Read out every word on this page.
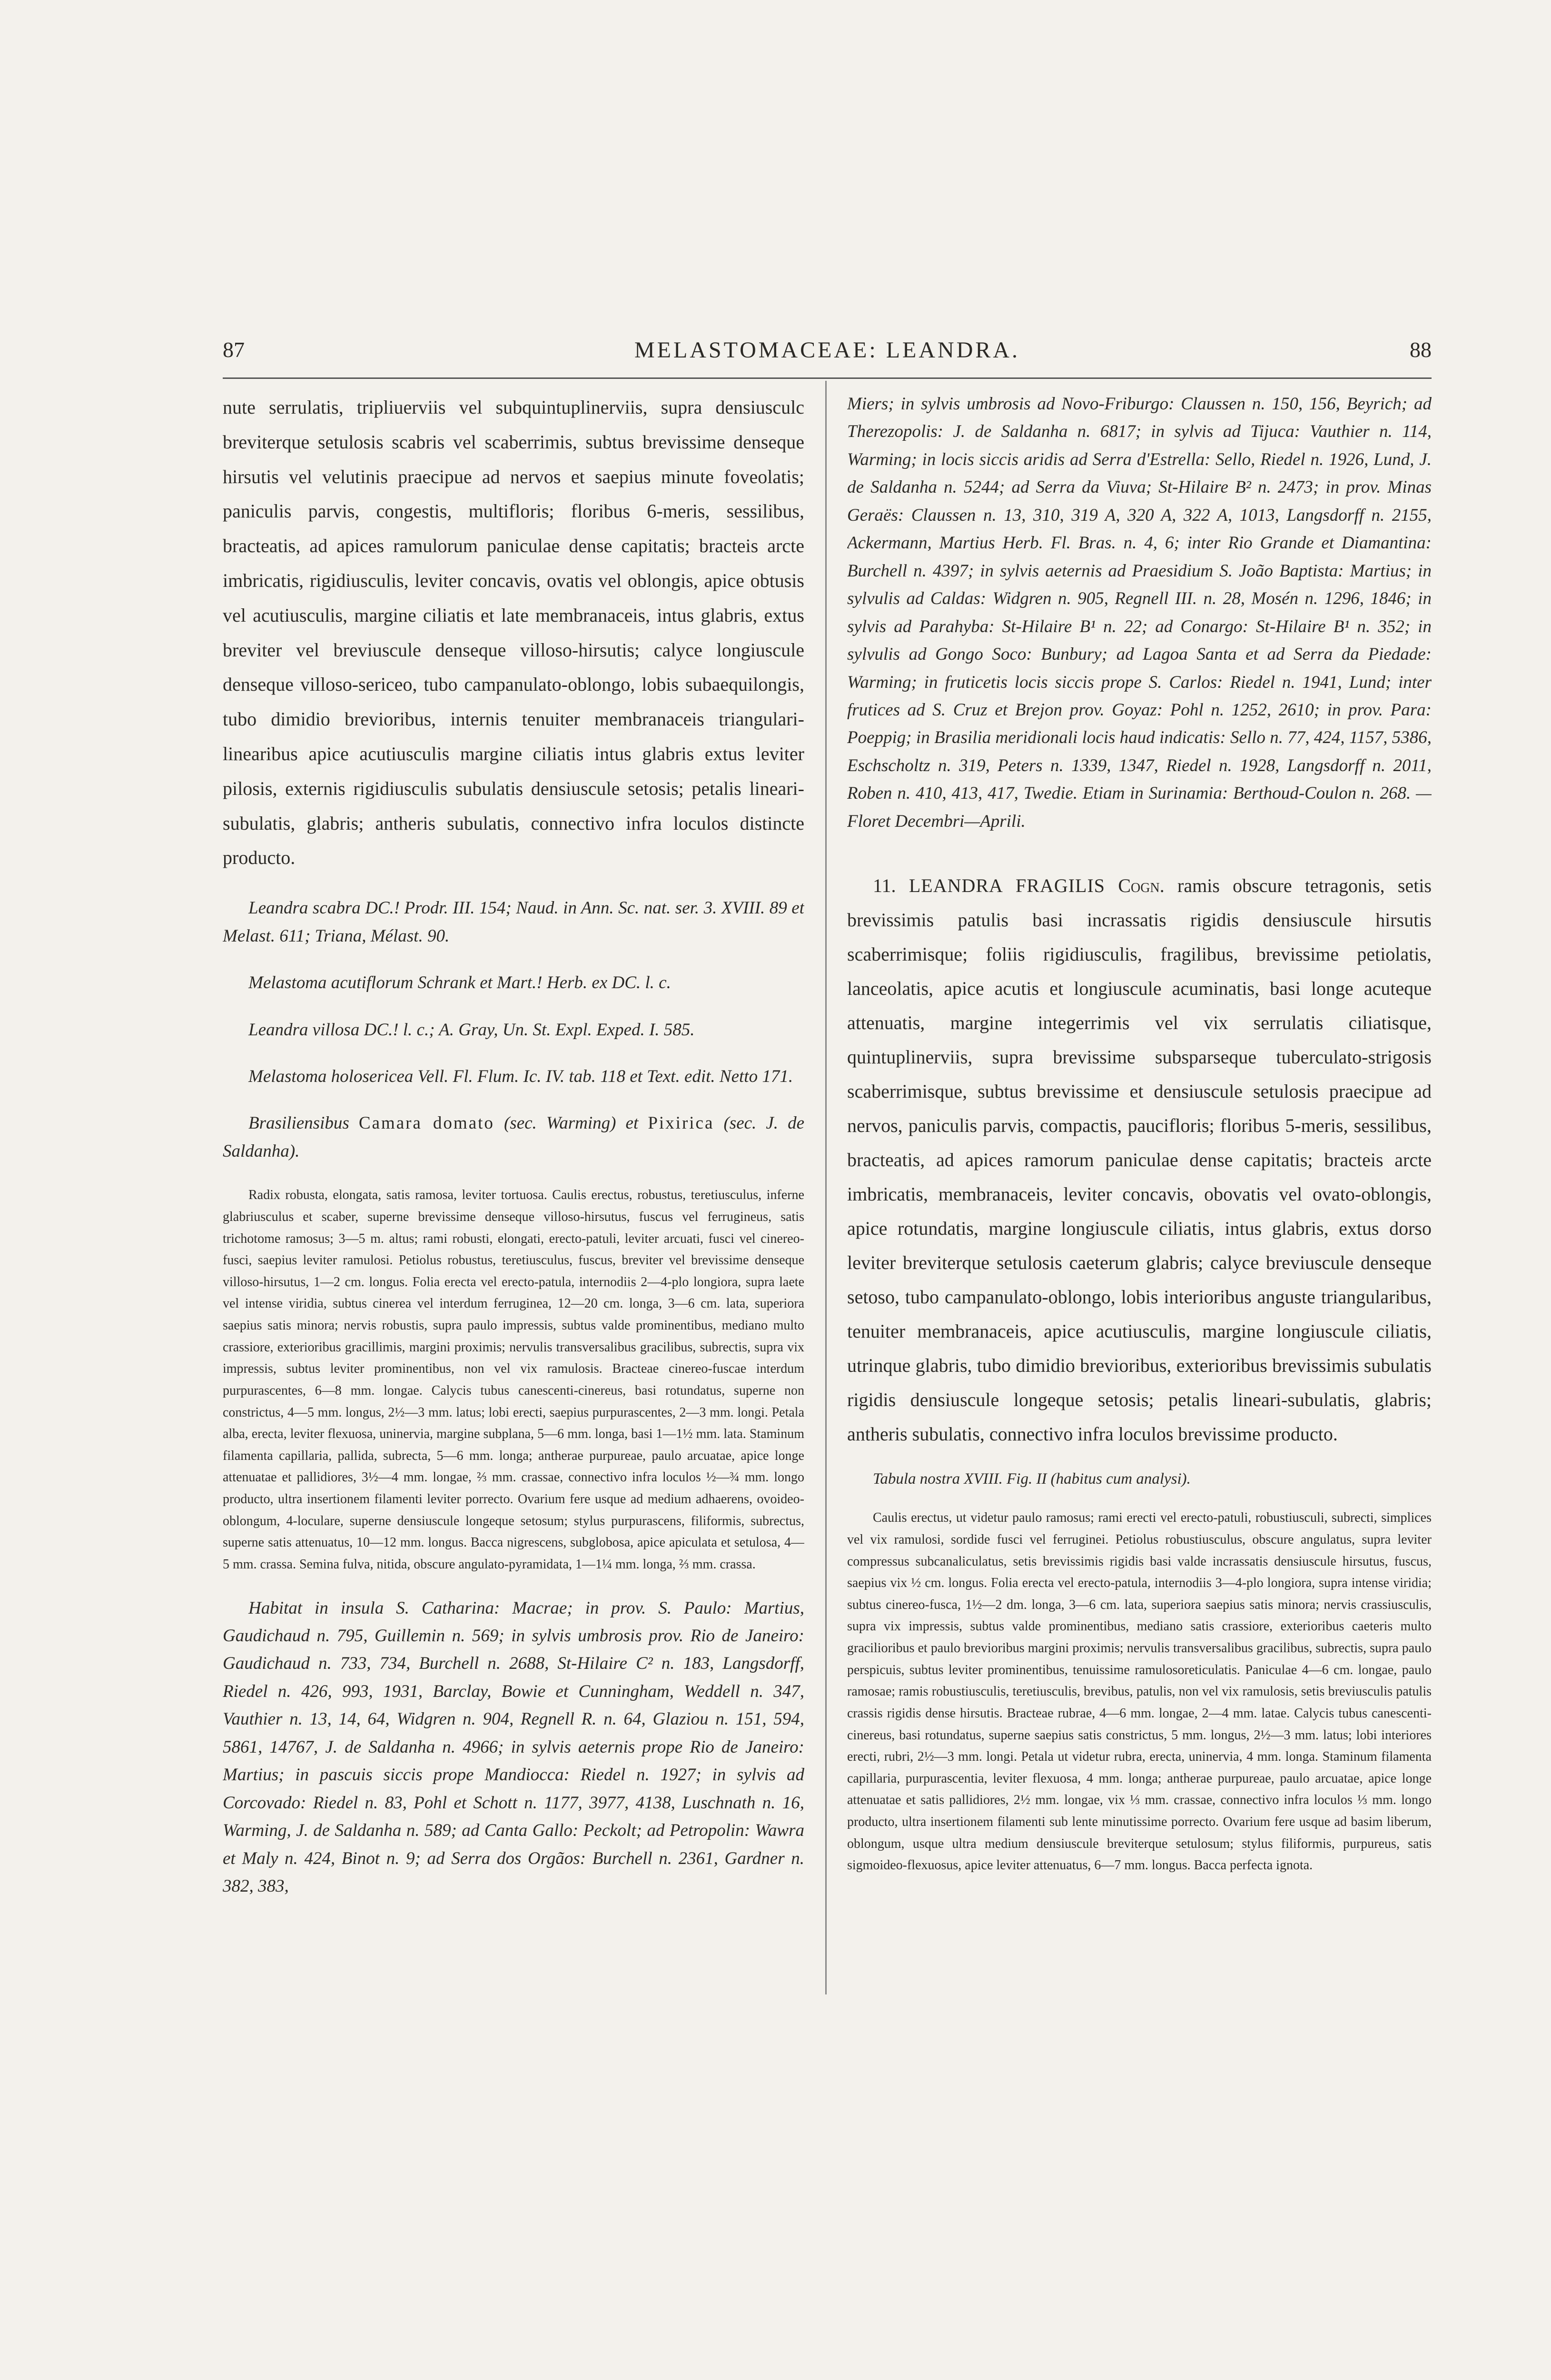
87	MELASTOMACEAE: LEANDRA.	88

nute serrulatis, tripliuerviis vel subquintuplinerviis, supra densiusculc breviterque setulosis scabris vel scaberrimis, subtus brevissime denseque hirsutis vel velutinis praecipue ad nervos et saepius minute foveolatis; paniculis parvis, congestis, multifloris; floribus 6-meris, sessilibus, bracteatis, ad apices ramulorum paniculae dense capitatis; bracteis arcte imbricatis, rigidiusculis, leviter concavis, ovatis vel oblongis, apice obtusis vel acutiusculis, margine ciliatis et late membranaceis, intus glabris, extus breviter vel breviuscule denseque villoso-hirsutis; calyce longiuscule denseque villoso-sericeo, tubo campanulato-oblongo, lobis subaequilongis, tubo dimidio brevioribus, internis tenuiter membranaceis triangulari-linearibus apice acutiusculis margine ciliatis intus glabris extus leviter pilosis, externis rigidiusculis subulatis densiuscule setosis; petalis lineari-subulatis, glabris; antheris subulatis, connectivo infra loculos distincte producto.

Leandra scabra DC.! Prodr. III. 154; Naud. in Ann. Sc. nat. ser. 3. XVIII. 89 et Melast. 611; Triana, Mélast. 90.

Melastoma acutiflorum Schrank et Mart.! Herb. ex DC. l. c.

Leandra villosa DC.! l. c.; A. Gray, Un. St. Expl. Exped. I. 585.

Melastoma holosericea Vell. Fl. Flum. Ic. IV. tab. 118 et Text. edit. Netto 171.

Brasiliensibus Camara domato (sec. Warming) et Pixirica (sec. J. de Saldanha).

Radix robusta, elongata, satis ramosa, leviter tortuosa. Caulis erectus, robustus, teretiusculus, inferne glabriusculus et scaber, superne brevissime denseque villoso-hirsutus, fuscus vel ferrugineus, satis trichotome ramosus; 3—5 m. altus; rami robusti, elongati, erecto-patuli, leviter arcuati, fusci vel cinereo-fusci, saepius leviter ramulosi. Petiolus robustus, teretiusculus, fuscus, breviter vel brevissime denseque villoso-hirsutus, 1—2 cm. longus. Folia erecta vel erecto-patula, internodiis 2—4-plo longiora, supra laete vel intense viridia, subtus cinerea vel interdum ferruginea, 12—20 cm. longa, 3—6 cm. lata, superiora saepius satis minora; nervis robustis, supra paulo impressis, subtus valde prominentibus, mediano multo crassiore, exterioribus gracillimis, margini proximis; nervulis transversalibus gracilibus, subrectis, supra vix impressis, subtus leviter prominentibus, non vel vix ramulosis. Bracteae cinereo-fuscae interdum purpurascentes, 6—8 mm. longae. Calycis tubus canescenti-cinereus, basi rotundatus, superne non constrictus, 4—5 mm. longus, 2½—3 mm. latus; lobi erecti, saepius purpurascentes, 2—3 mm. longi. Petala alba, erecta, leviter flexuosa, uninervia, margine subplana, 5—6 mm. longa, basi 1—1½ mm. lata. Staminum filamenta capillaria, pallida, subrecta, 5—6 mm. longa; antherae purpureae, paulo arcuatae, apice longe attenuatae et pallidiores, 3½—4 mm. longae, ⅔ mm. crassae, connectivo infra loculos ½—¾ mm. longo producto, ultra insertionem filamenti leviter porrecto. Ovarium fere usque ad medium adhaerens, ovoideo-oblongum, 4-loculare, superne densiuscule longeque setosum; stylus purpurascens, filiformis, subrectus, superne satis attenuatus, 10—12 mm. longus. Bacca nigrescens, subglobosa, apice apiculata et setulosa, 4—5 mm. crassa. Semina fulva, nitida, obscure angulato-pyramidata, 1—1¼ mm. longa, ⅔ mm. crassa.

Habitat in insula S. Catharina: Macrae; in prov. S. Paulo: Martius, Gaudichaud n. 795, Guillemin n. 569; in sylvis umbrosis prov. Rio de Janeiro: Gaudichaud n. 733, 734, Burchell n. 2688, St-Hilaire C² n. 183, Langsdorff, Riedel n. 426, 993, 1931, Barclay, Bowie et Cunningham, Weddell n. 347, Vauthier n. 13, 14, 64, Widgren n. 904, Regnell R. n. 64, Glaziou n. 151, 594, 5861, 14767, J. de Saldanha n. 4966; in sylvis aeternis prope Rio de Janeiro: Martius; in pascuis siccis prope Mandiocca: Riedel n. 1927; in sylvis ad Corcovado: Riedel n. 83, Pohl et Schott n. 1177, 3977, 4138, Luschnath n. 16, Warming, J. de Saldanha n. 589; ad Canta Gallo: Peckolt; ad Petropolin: Wawra et Maly n. 424, Binot n. 9; ad Serra dos Orgãos: Burchell n. 2361, Gardner n. 382, 383,

Miers; in sylvis umbrosis ad Novo-Friburgo: Claussen n. 150, 156, Beyrich; ad Therezopolis: J. de Saldanha n. 6817; in sylvis ad Tijuca: Vauthier n. 114, Warming; in locis siccis aridis ad Serra d'Estrella: Sello, Riedel n. 1926, Lund, J. de Saldanha n. 5244; ad Serra da Viuva; St-Hilaire B² n. 2473; in prov. Minas Geraës: Claussen n. 13, 310, 319 A, 320 A, 322 A, 1013, Langsdorff n. 2155, Ackermann, Martius Herb. Fl. Bras. n. 4, 6; inter Rio Grande et Diamantina: Burchell n. 4397; in sylvis aeternis ad Praesidium S. João Baptista: Martius; in sylvulis ad Caldas: Widgren n. 905, Regnell III. n. 28, Mosén n. 1296, 1846; in sylvis ad Parahyba: St-Hilaire B¹ n. 22; ad Conargo: St-Hilaire B¹ n. 352; in sylvulis ad Gongo Soco: Bunbury; ad Lagoa Santa et ad Serra da Piedade: Warming; in fruticetis locis siccis prope S. Carlos: Riedel n. 1941, Lund; inter frutices ad S. Cruz et Brejon prov. Goyaz: Pohl n. 1252, 2610; in prov. Para: Poeppig; in Brasilia meridionali locis haud indicatis: Sello n. 77, 424, 1157, 5386, Eschscholtz n. 319, Peters n. 1339, 1347, Riedel n. 1928, Langsdorff n. 2011, Roben n. 410, 413, 417, Twedie. Etiam in Surinamia: Berthoud-Coulon n. 268. — Floret Decembri—Aprili.

11. LEANDRA FRAGILIS Cogn. ramis obscure tetragonis, setis brevissimis patulis basi incrassatis rigidis densiuscule hirsutis scaberrimisque; foliis rigidiusculis, fragilibus, brevissime petiolatis, lanceolatis, apice acutis et longiuscule acuminatis, basi longe acuteque attenuatis, margine integerrimis vel vix serrulatis ciliatisque, quintuplinerviis, supra brevissime subsparseque tuberculato-strigosis scaberrimisque, subtus brevissime et densiuscule setulosis praecipue ad nervos, paniculis parvis, compactis, paucifloris; floribus 5-meris, sessilibus, bracteatis, ad apices ramorum paniculae dense capitatis; bracteis arcte imbricatis, membranaceis, leviter concavis, obovatis vel ovato-oblongis, apice rotundatis, margine longiuscule ciliatis, intus glabris, extus dorso leviter breviterque setulosis caeterum glabris; calyce breviuscule denseque setoso, tubo campanulato-oblongo, lobis interioribus anguste triangularibus, tenuiter membranaceis, apice acutiusculis, margine longiuscule ciliatis, utrinque glabris, tubo dimidio brevioribus, exterioribus brevissimis subulatis rigidis densiuscule longeque setosis; petalis lineari-subulatis, glabris; antheris subulatis, connectivo infra loculos brevissime producto.

Tabula nostra XVIII. Fig. II (habitus cum analysi).

Caulis erectus, ut videtur paulo ramosus; rami erecti vel erecto-patuli, robustiusculi, subrecti, simplices vel vix ramulosi, sordide fusci vel ferruginei. Petiolus robustiusculus, obscure angulatus, supra leviter compressus subcanaliculatus, setis brevissimis rigidis basi valde incrassatis densiuscule hirsutus, fuscus, saepius vix ½ cm. longus. Folia erecta vel erecto-patula, internodiis 3—4-plo longiora, supra intense viridia; subtus cinereo-fusca, 1½—2 dm. longa, 3—6 cm. lata, superiora saepius satis minora; nervis crassiusculis, supra vix impressis, subtus valde prominentibus, mediano satis crassiore, exterioribus caeteris multo gracilioribus et paulo brevioribus margini proximis; nervulis transversalibus gracilibus, subrectis, supra paulo perspicuis, subtus leviter prominentibus, tenuissime ramulosoreticulatis. Paniculae 4—6 cm. longae, paulo ramosae; ramis robustiusculis, teretiusculis, brevibus, patulis, non vel vix ramulosis, setis breviusculis patulis crassis rigidis dense hirsutis. Bracteae rubrae, 4—6 mm. longae, 2—4 mm. latae. Calycis tubus canescenti-cinereus, basi rotundatus, superne saepius satis constrictus, 5 mm. longus, 2½—3 mm. latus; lobi interiores erecti, rubri, 2½—3 mm. longi. Petala ut videtur rubra, erecta, uninervia, 4 mm. longa. Staminum filamenta capillaria, purpurascentia, leviter flexuosa, 4 mm. longa; antherae purpureae, paulo arcuatae, apice longe attenuatae et satis pallidiores, 2½ mm. longae, vix ⅓ mm. crassae, connectivo infra loculos ⅓ mm. longo producto, ultra insertionem filamenti sub lente minutissime porrecto. Ovarium fere usque ad basim liberum, oblongum, usque ultra medium densiuscule breviterque setulosum; stylus filiformis, purpureus, satis sigmoideo-flexuosus, apice leviter attenuatus, 6—7 mm. longus. Bacca perfecta ignota.
